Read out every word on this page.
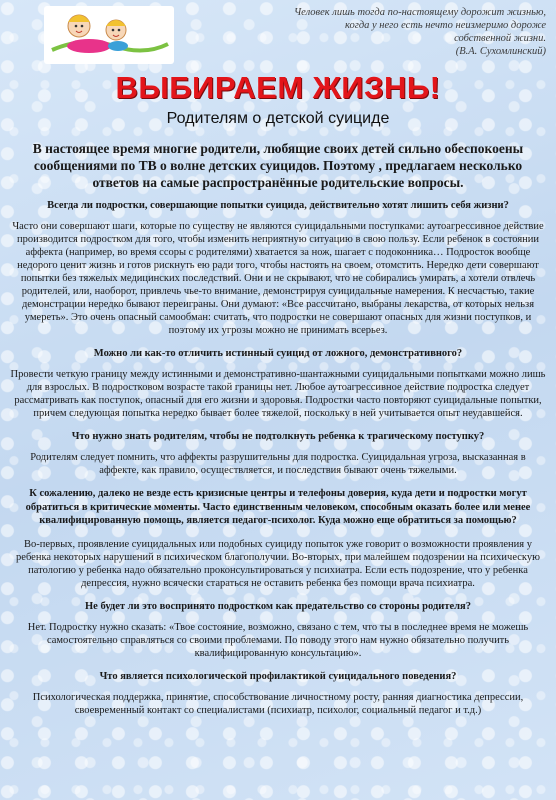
Человек лишь тогда по-настоящему дорожит жизнью,
когда у него есть нечто неизмеримо дороже
собственной жизни.
(В.А. Сухомлинский)
ВЫБИРАЕМ ЖИЗНЬ!
Родителям о детской суициде

В настоящее время многие родители, любящие своих детей сильно обеспокоены сообщениями по ТВ о волне детских суицидов. Поэтому , предлагаем несколько ответов на самые распространённые родительские вопросы.

Всегда ли подростки, совершающие попытки суицида, действительно хотят лишить себя жизни?

Часто они совершают шаги, которые по существу не являются суицидальными поступками: аутоагрессивное действие производится подростком для того, чтобы изменить неприятную ситуацию в свою пользу. Если ребенок в состоянии аффекта (например, во время ссоры с родителями) хватается за нож, шагает с подоконника… Подросток вообще недорого ценит жизнь и готов рискнуть ею ради того, чтобы настоять на своем, отомстить. Нередко дети совершают попытки без тяжелых медицинских последствий. Они и не скрывают, что не собирались умирать, а хотели отвлечь родителей, или, наоборот, привлечь чье-то внимание, демонстрируя суицидальные намерения. К несчастью, такие демонстрации нередко бывают переиграны. Они думают: «Все рассчитано, выбраны лекарства, от которых нельзя умереть». Это очень опасный самообман: считать, что подростки не совершают опасных для жизни поступков, и поэтому их угрозы можно не принимать всерьез.

Можно ли как-то отличить истинный суицид от ложного, демонстративного?

Провести четкую границу между истинными и демонстративно-шантажными суицидальными попытками можно лишь для взрослых. В подростковом возрасте такой границы нет. Любое аутоагрессивное действие подростка следует рассматривать как поступок, опасный для его жизни и здоровья. Подростки часто повторяют суицидальные попытки, причем следующая попытка нередко бывает более тяжелой, поскольку в ней учитывается опыт неудавшейся.

Что нужно знать родителям, чтобы не подтолкнуть ребенка к трагическому поступку?

Родителям следует помнить, что аффекты разрушительны для подростка. Суицидальная угроза, высказанная в аффекте, как правило, осуществляется, и последствия бывают очень тяжелыми.

К сожалению, далеко не везде есть кризисные центры и телефоны доверия, куда дети и подростки могут обратиться в критические моменты. Часто единственным человеком, способным оказать более или менее квалифицированную помощь, является педагог-психолог. Куда можно еще обратиться за помощью?

Во-первых, проявление суицидальных или подобных суициду попыток уже говорит о возможности проявления у ребенка некоторых нарушений в психическом благополучии. Во-вторых, при малейшем подозрении на психическую патологию у ребенка надо обязательно проконсультироваться у психиатра. Если есть подозрение, что у ребенка депрессия, нужно всячески стараться не оставить ребенка без помощи врача психиатра.

Не будет ли это воспринято подростком как предательство со стороны родителя?

Нет. Подростку нужно сказать: «Твое состояние, возможно, связано с тем, что ты в последнее время не можешь самостоятельно справляться со своими проблемами. По поводу этого нам нужно обязательно получить квалифицированную консультацию».

Что является психологической профилактикой суицидального поведения?

Психологическая поддержка, принятие, способствование личностному росту, ранняя диагностика депрессии, своевременный контакт со специалистами (психиатр, психолог, социальный педагог и т.д.)
